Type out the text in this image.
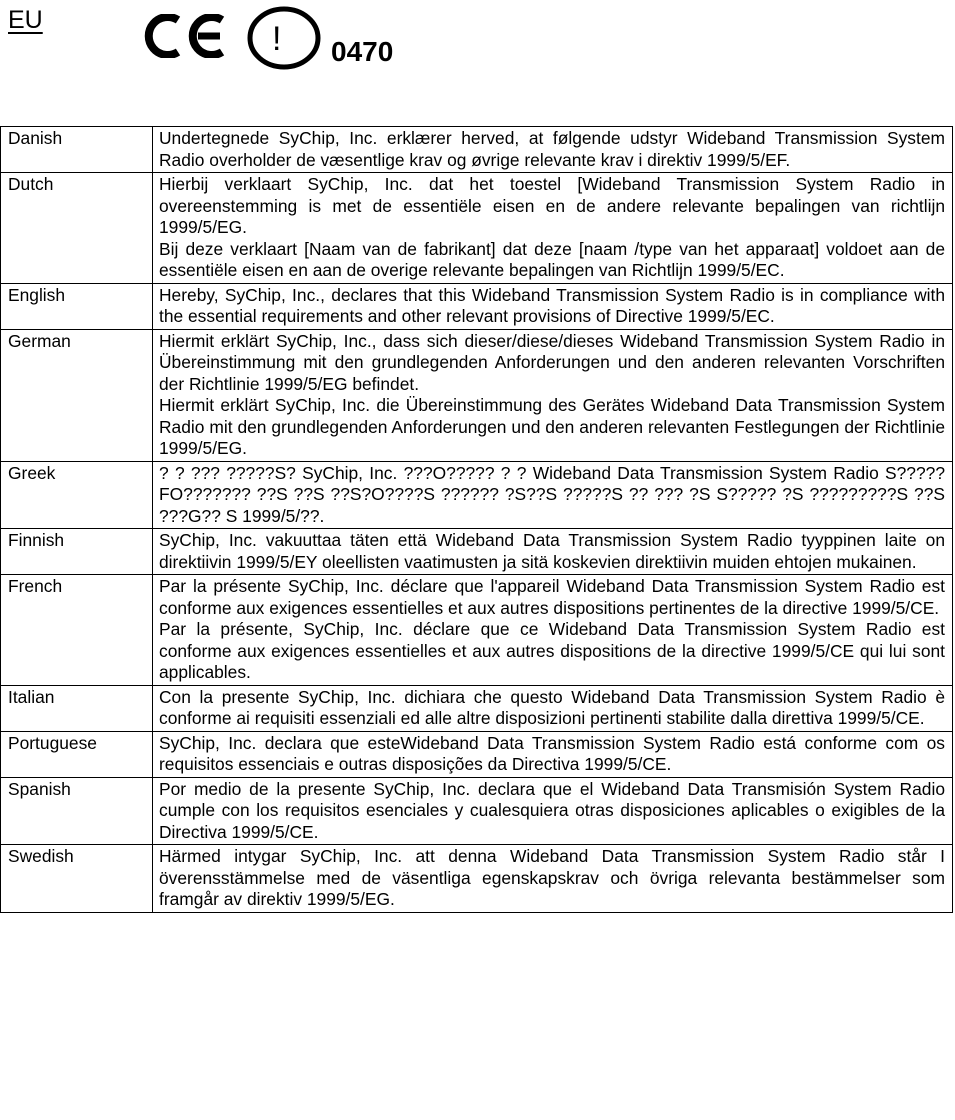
EU	! 0470
Danish	Undertegnede SyChip, Inc. erklærer herved, at følgende udstyr Wideband Transmission System Radio overholder de væsentlige krav og øvrige relevante krav i direktiv 1999/5/EF.

Dutch	Hierbij verklaart SyChip, Inc. dat het toestel [Wideband Transmission System Radio in overeenstemming is met de essentiële eisen en de andere relevante bepalingen van richtlijn 1999/5/EG.
Bij deze verklaart [Naam van de fabrikant] dat deze [naam /type van het apparaat] voldoet aan de essentiële eisen en aan de overige relevante bepalingen van Richtlijn 1999/5/EC.

English	Hereby, SyChip, Inc., declares that this Wideband Transmission System Radio is in compliance with the essential requirements and other relevant provisions of Directive 1999/5/EC.

German	Hiermit erklärt SyChip, Inc., dass sich dieser/diese/dieses Wideband Transmission System Radio in Übereinstimmung mit den grundlegenden Anforderungen und den anderen relevanten Vorschriften der Richtlinie 1999/5/EG befindet.
Hiermit erklärt SyChip, Inc. die Übereinstimmung des Gerätes Wideband Data Transmission System Radio mit den grundlegenden Anforderungen und den anderen relevanten Festlegungen der Richtlinie 1999/5/EG.

Greek	? ? ??? ?????S? SyChip, Inc. ???O????? ? ? Wideband Data Transmission System Radio S?????FO??????? ??S ??S ??S?O????S ?????? ?S??S ?????S ?? ??? ?S S????? ?S ?????????S ??S ???G?? S 1999/5/??.

Finnish	SyChip, Inc. vakuuttaa täten että Wideband Data Transmission System Radio tyyppinen laite on direktiivin 1999/5/EY oleellisten vaatimusten ja sitä koskevien direktiivin muiden ehtojen mukainen.

French	Par la présente SyChip, Inc. déclare que l'appareil Wideband Data Transmission System Radio est conforme aux exigences essentielles et aux autres dispositions pertinentes de la directive 1999/5/CE.
Par la présente, SyChip, Inc. déclare que ce Wideband Data Transmission System Radio est conforme aux exigences essentielles et aux autres dispositions de la directive 1999/5/CE qui lui sont applicables.

Italian	Con la presente SyChip, Inc. dichiara che questo Wideband Data Transmission System Radio è conforme ai requisiti essenziali ed alle altre disposizioni pertinenti stabilite dalla direttiva 1999/5/CE.

Portuguese	SyChip, Inc. declara que esteWideband Data Transmission System Radio está conforme com os requisitos essenciais e outras disposições da Directiva 1999/5/CE.

Spanish	Por medio de la presente SyChip, Inc. declara que el Wideband Data Transmisión System Radio cumple con los requisitos esenciales y cualesquiera otras disposiciones aplicables o exigibles de la Directiva 1999/5/CE.

Swedish	Härmed intygar SyChip, Inc. att denna Wideband Data Transmission System Radio står I överensstämmelse med de väsentliga egenskapskrav och övriga relevanta bestämmelser som framgår av direktiv 1999/5/EG.
